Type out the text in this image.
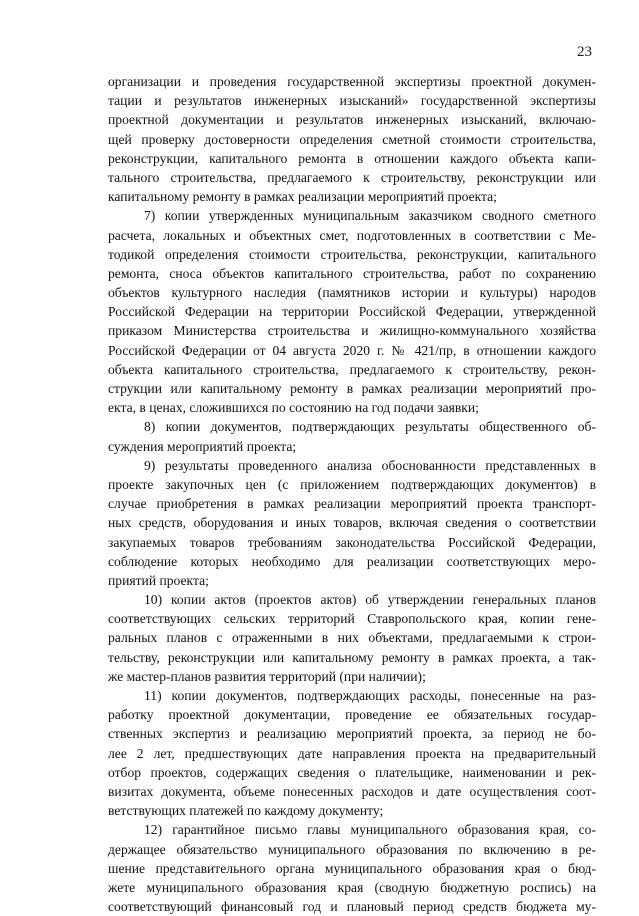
23
организации и проведения государственной экспертизы проектной докумен-
тации и результатов инженерных изысканий» государственной экспертизы
проектной документации и результатов инженерных изысканий, включаю-
щей проверку достоверности определения сметной стоимости строительства,
реконструкции, капитального ремонта в отношении каждого объекта капи-
тального строительства, предлагаемого к строительству, реконструкции или
капитальному ремонту в рамках реализации мероприятий проекта;
7) копии утвержденных муниципальным заказчиком сводного сметного
расчета, локальных и объектных смет, подготовленных в соответствии с Ме-
тодикой определения стоимости строительства, реконструкции, капитального
ремонта, сноса объектов капитального строительства, работ по сохранению
объектов культурного наследия (памятников истории и культуры) народов
Российской Федерации на территории Российской Федерации, утвержденной
приказом Министерства строительства и жилищно-коммунального хозяйства
Российской Федерации от 04 августа 2020 г. № 421/пр, в отношении каждого
объекта капитального строительства, предлагаемого к строительству, рекон-
струкции или капитальному ремонту в рамках реализации мероприятий про-
екта, в ценах, сложившихся по состоянию на год подачи заявки;
8) копии документов, подтверждающих результаты общественного об-
суждения мероприятий проекта;
9) результаты проведенного анализа обоснованности представленных в
проекте закупочных цен (с приложением подтверждающих документов) в
случае приобретения в рамках реализации мероприятий проекта транспорт-
ных средств, оборудования и иных товаров, включая сведения о соответствии
закупаемых товаров требованиям законодательства Российской Федерации,
соблюдение которых необходимо для реализации соответствующих меро-
приятий проекта;
10) копии актов (проектов актов) об утверждении генеральных планов
соответствующих сельских территорий Ставропольского края, копии гене-
ральных планов с отраженными в них объектами, предлагаемыми к строи-
тельству, реконструкции или капитальному ремонту в рамках проекта, а так-
же мастер-планов развития территорий (при наличии);
11) копии документов, подтверждающих расходы, понесенные на раз-
работку проектной документации, проведение ее обязательных государ-
ственных экспертиз и реализацию мероприятий проекта, за период не бо-
лее 2 лет, предшествующих дате направления проекта на предварительный
отбор проектов, содержащих сведения о плательщике, наименовании и рек-
визитах документа, объеме понесенных расходов и дате осуществления соот-
ветствующих платежей по каждому документу;
12) гарантийное письмо главы муниципального образования края, со-
держащее обязательство муниципального образования по включению в ре-
шение представительного органа муниципального образования края о бюд-
жете муниципального образования края (сводную бюджетную роспись) на
соответствующий финансовый год и плановый период средств бюджета му-
